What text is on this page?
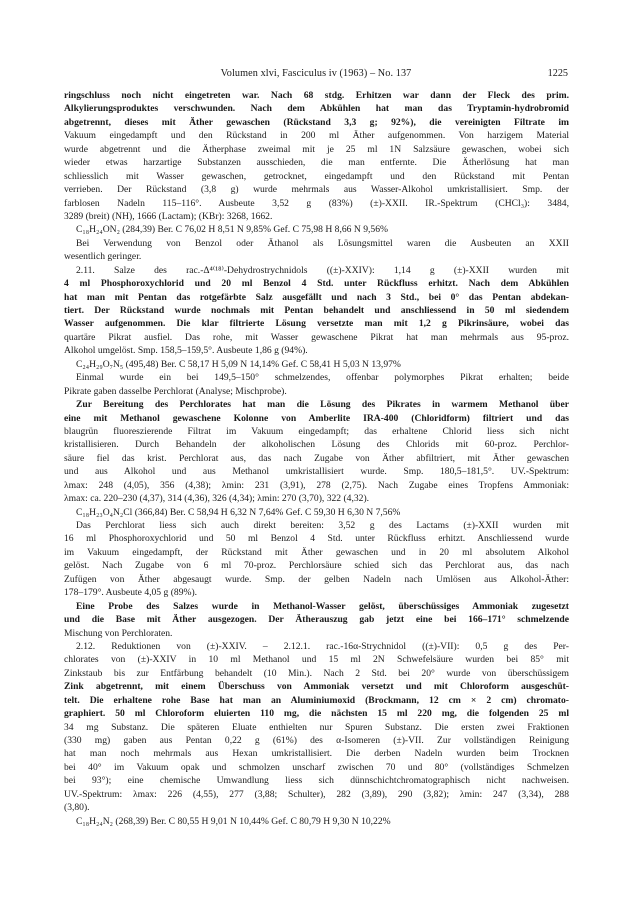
Volumen xlvi, Fasciculus iv (1963) – No. 137	1225
ringschluss noch nicht eingetreten war. Nach 68 stdg. Erhitzen war dann der Fleck des prim.
Alkylierungsproduktes verschwunden. Nach dem Abkühlen hat man das Tryptamin-hydrobromid
abgetrennt, dieses mit Äther gewaschen (Rückstand 3,3 g; 92%), die vereinigten Filtrate im
Vakuum eingedampft und den Rückstand in 200 ml Äther aufgenommen. Von harzigem Material
wurde abgetrennt und die Ätherphase zweimal mit je 25 ml 1N Salzsäure gewaschen, wobei sich
wieder etwas harzartige Substanzen ausschieden, die man entfernte. Die Ätherlösung hat man
schliesslich mit Wasser gewaschen, getrocknet, eingedampft und den Rückstand mit Pentan
verrieben. Der Rückstand (3,8 g) wurde mehrmals aus Wasser-Alkohol umkristallisiert. Smp. der
farblosen Nadeln 115–116°. Ausbeute 3,52 g (83%) (±)-XXII. IR.-Spektrum (CHCl₃): 3484,
3289 (breit) (NH), 1666 (Lactam); (KBr): 3268, 1662.
C₁₈H₂₄ON₂ (284,39) Ber. C 76,02 H 8,51 N 9,85% Gef. C 75,98 H 8,66 N 9,56%
Bei Verwendung von Benzol oder Äthanol als Lösungsmittel waren die Ausbeuten an XXII
wesentlich geringer.
2.11. Salze des rac.-Δ⁴⁽¹⁸⁾-Dehydrostrychnidols ((±)-XXIV): 1,14 g (±)-XXII wurden mit
4 ml Phosphoroxychlorid und 20 ml Benzol 4 Std. unter Rückfluss erhitzt. Nach dem Abkühlen
hat man mit Pentan das rotgefärbte Salz ausgefällt und nach 3 Std., bei 0° das Pentan abdekan-
tiert. Der Rückstand wurde nochmals mit Pentan behandelt und anschliessend in 50 ml siedendem
Wasser aufgenommen. Die klar filtrierte Lösung versetzte man mit 1,2 g Pikrinsäure, wobei das
quartäre Pikrat ausfiel. Das rohe, mit Wasser gewaschene Pikrat hat man mehrmals aus 95-proz.
Alkohol umgelöst. Smp. 158,5–159,5°. Ausbeute 1,86 g (94%).
C₂₄H₂₉O₇N₅ (495,48) Ber. C 58,17 H 5,09 N 14,14% Gef. C 58,41 H 5,03 N 13,97%
Einmal wurde ein bei 149,5–150° schmelzendes, offenbar polymorphes Pikrat erhalten; beide
Pikrate gaben dasselbe Perchlorat (Analyse; Mischprobe).
Zur Bereitung des Perchlorates hat man die Lösung des Pikrates in warmem Methanol über
eine mit Methanol gewaschene Kolonne von Amberlite IRA-400 (Chloridform) filtriert und das
blaugrün fluoreszierende Filtrat im Vakuum eingedampft; das erhaltene Chlorid liess sich nicht
kristallisieren. Durch Behandeln der alkoholischen Lösung des Chlorids mit 60-proz. Perchlor-
säure fiel das krist. Perchlorat aus, das nach Zugabe von Äther abfiltriert, mit Äther gewaschen
und aus Alkohol und aus Methanol umkristallisiert wurde. Smp. 180,5–181,5°. UV.-Spektrum:
λmax: 248 (4,05), 356 (4,38); λmin: 231 (3,91), 278 (2,75). Nach Zugabe eines Tropfens Ammoniak:
λmax: ca. 220–230 (4,37), 314 (4,36), 326 (4,34); λmin: 270 (3,70), 322 (4,32).
C₁₈H₂₃O₄N₂Cl (366,84) Ber. C 58,94 H 6,32 N 7,64% Gef. C 59,30 H 6,30 N 7,56%
Das Perchlorat liess sich auch direkt bereiten: 3,52 g des Lactams (±)-XXII wurden mit
16 ml Phosphoroxychlorid und 50 ml Benzol 4 Std. unter Rückfluss erhitzt. Anschliessend wurde
im Vakuum eingedampft, der Rückstand mit Äther gewaschen und in 20 ml absolutem Alkohol
gelöst. Nach Zugabe von 6 ml 70-proz. Perchlorsäure schied sich das Perchlorat aus, das nach
Zufügen von Äther abgesaugt wurde. Smp. der gelben Nadeln nach Umlösen aus Alkohol-Äther:
178–179°. Ausbeute 4,05 g (89%).
Eine Probe des Salzes wurde in Methanol-Wasser gelöst, überschüssiges Ammoniak zugesetzt
und die Base mit Äther ausgezogen. Der Ätherauszug gab jetzt eine bei 166–171° schmelzende
Mischung von Perchloraten.
2.12. Reduktionen von (±)-XXIV. – 2.12.1. rac.-16α-Strychnidol ((±)-VII): 0,5 g des Per-
chlorates von (±)-XXIV in 10 ml Methanol und 15 ml 2N Schwefelsäure wurden bei 85° mit
Zinkstaub bis zur Entfärbung behandelt (10 Min.). Nach 2 Std. bei 20° wurde von überschüssigem
Zink abgetrennt, mit einem Überschuss von Ammoniak versetzt und mit Chloroform ausgeschüt-
telt. Die erhaltene rohe Base hat man an Aluminiumoxid (Brockmann, 12 cm × 2 cm) chromato-
graphiert. 50 ml Chloroform eluierten 110 mg, die nächsten 15 ml 220 mg, die folgenden 25 ml
34 mg Substanz. Die späteren Eluate enthielten nur Spuren Substanz. Die ersten zwei Fraktionen
(330 mg) gaben aus Pentan 0,22 g (61%) des α-Isomeren (±)-VII. Zur vollständigen Reinigung
hat man noch mehrmals aus Hexan umkristallisiert. Die derben Nadeln wurden beim Trocknen
bei 40° im Vakuum opak und schmolzen unscharf zwischen 70 und 80° (vollständiges Schmelzen
bei 93°); eine chemische Umwandlung liess sich dünnschichtchromatographisch nicht nachweisen.
UV.-Spektrum: λmax: 226 (4,55), 277 (3,88; Schulter), 282 (3,89), 290 (3,82); λmin: 247 (3,34), 288
(3,80).
C₁₈H₂₄N₂ (268,39) Ber. C 80,55 H 9,01 N 10,44% Gef. C 80,79 H 9,30 N 10,22%
